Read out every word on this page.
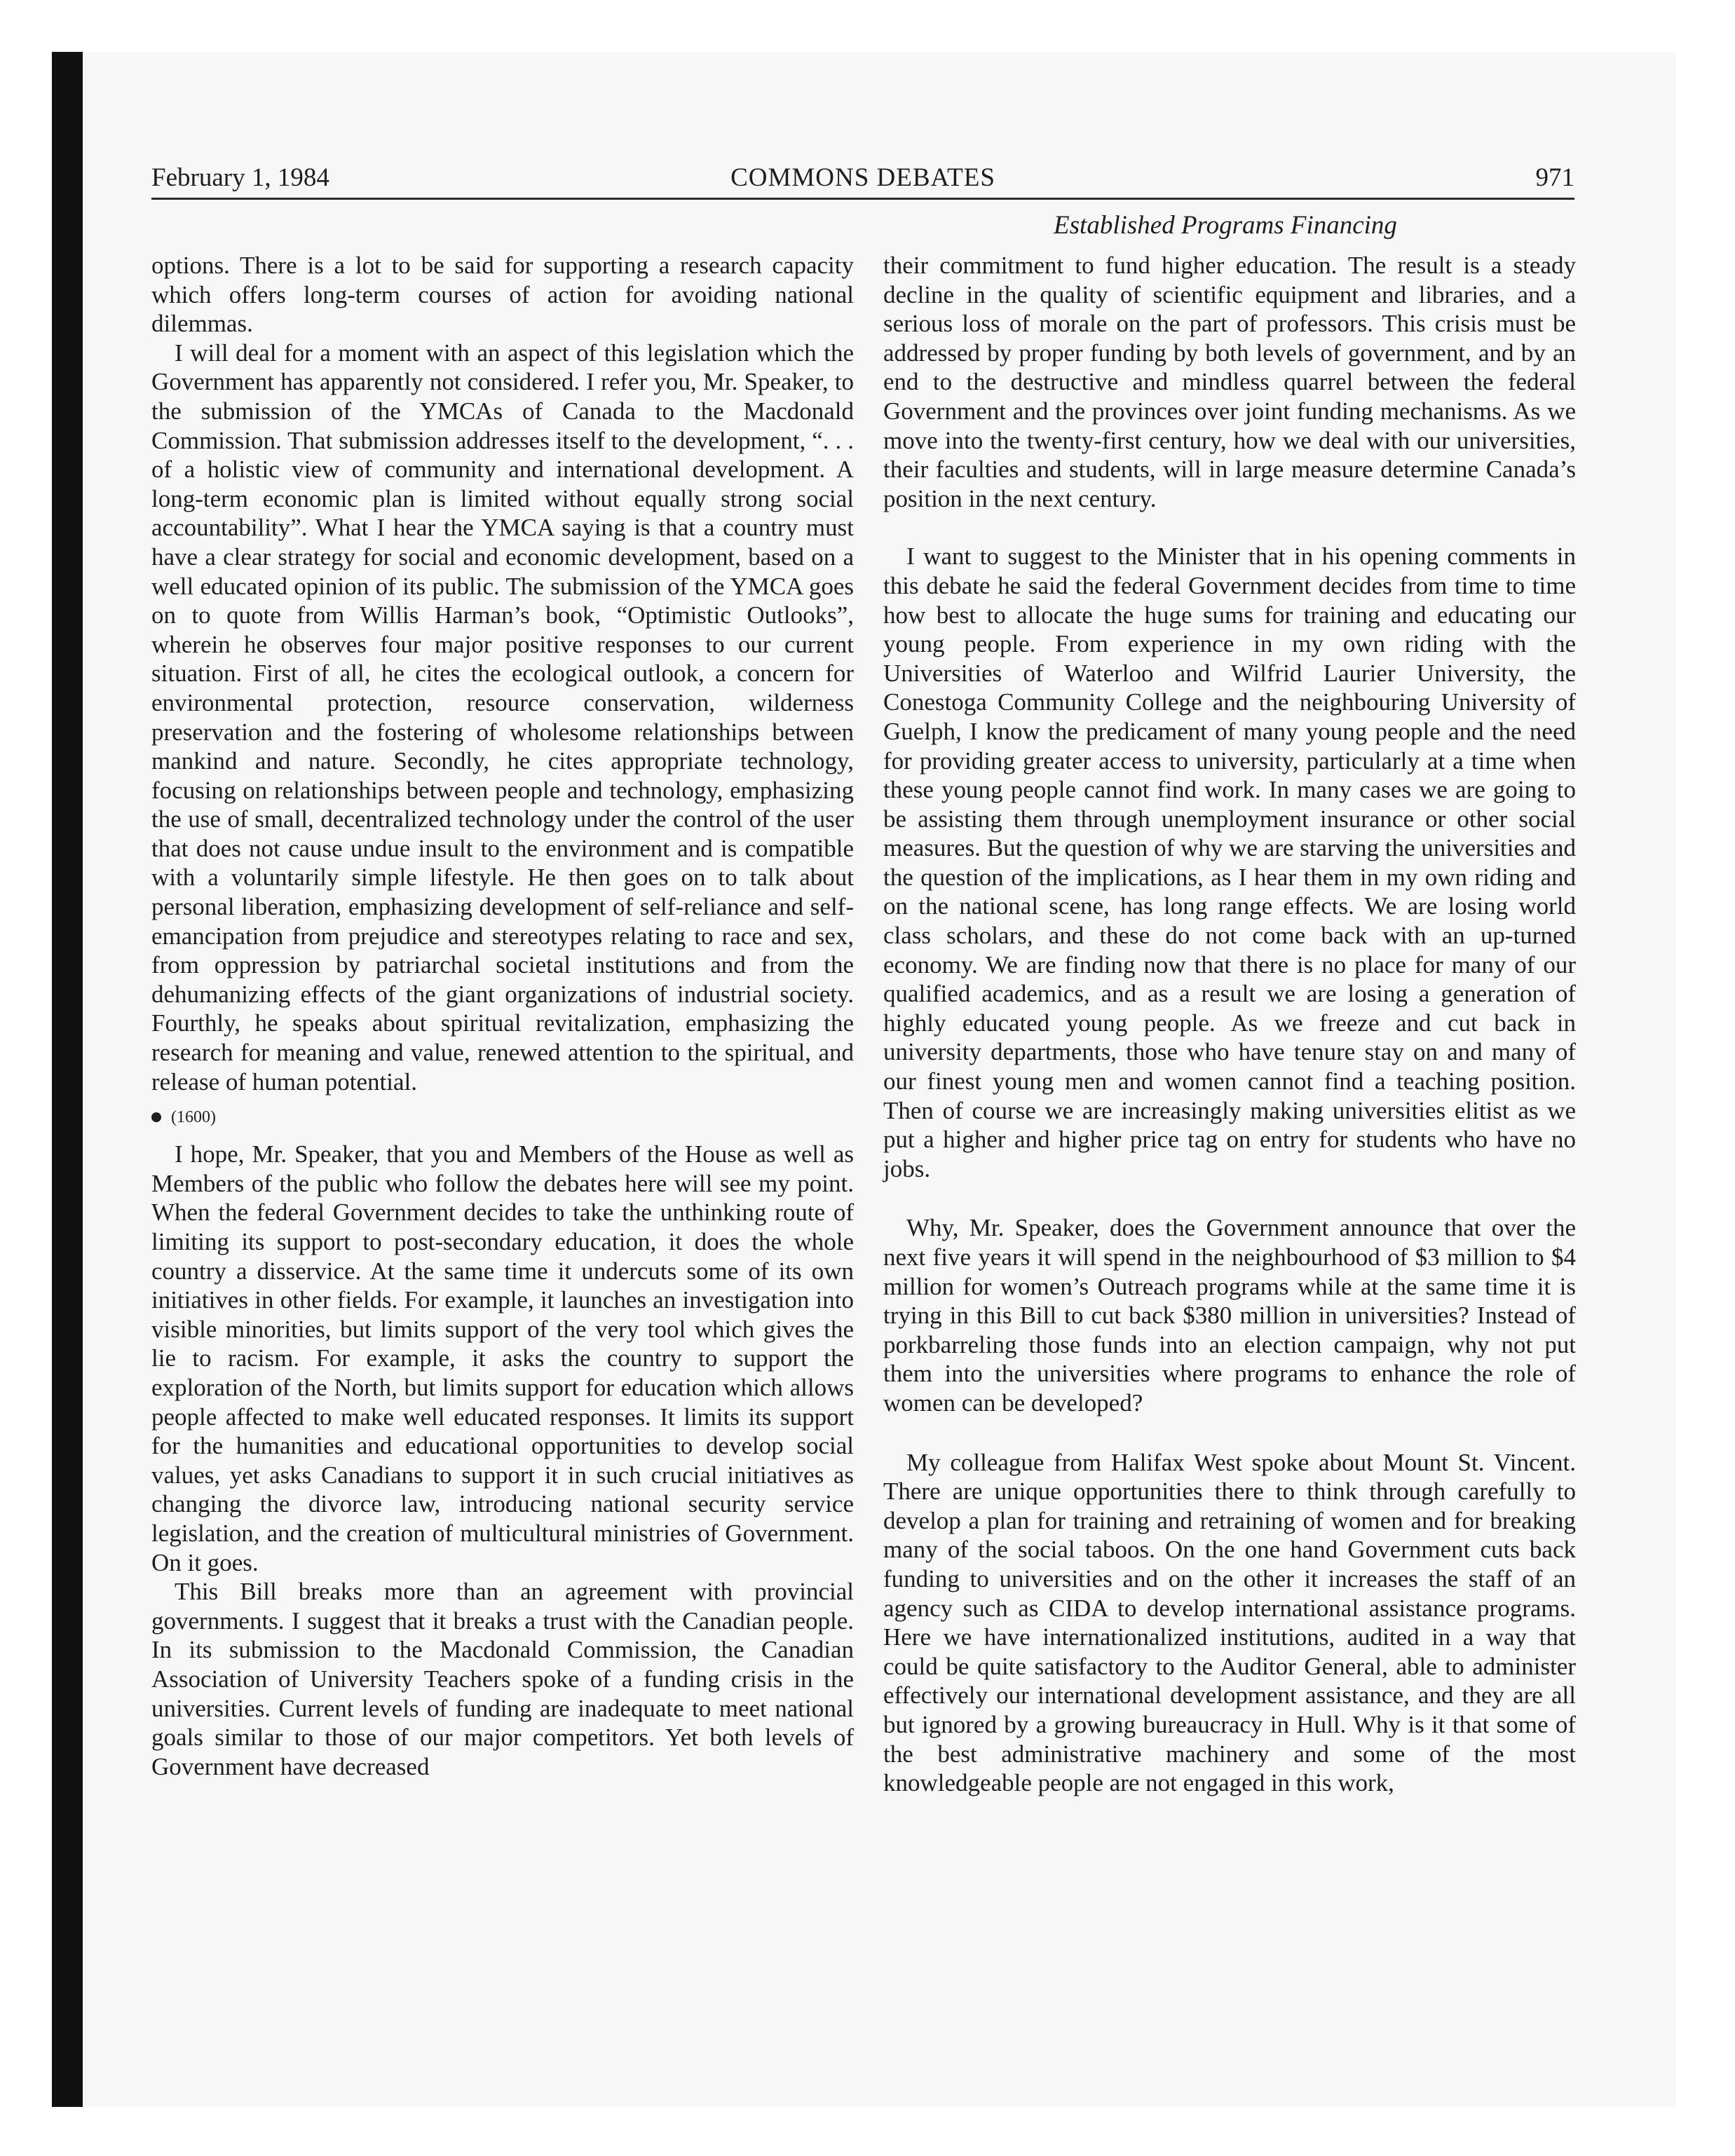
February 1, 1984	COMMONS DEBATES	971
Established Programs Financing

options. There is a lot to be said for supporting a research capacity which offers long-term courses of action for avoiding national dilemmas.

I will deal for a moment with an aspect of this legislation which the Government has apparently not considered. I refer you, Mr. Speaker, to the submission of the YMCAs of Canada to the Macdonald Commission. That submission addresses itself to the development, “. . . of a holistic view of community and international development. A long-term economic plan is limited without equally strong social accountability”. What I hear the YMCA saying is that a country must have a clear strategy for social and economic development, based on a well educated opinion of its public. The submission of the YMCA goes on to quote from Willis Harman’s book, “Optimistic Outlooks”, wherein he observes four major positive responses to our current situation. First of all, he cites the ecological outlook, a concern for environmental protection, resource conservation, wilderness preservation and the fostering of wholesome relationships between mankind and nature. Secondly, he cites appropriate technology, focusing on relationships between people and technology, emphasizing the use of small, decentralized technology under the control of the user that does not cause undue insult to the environment and is compatible with a voluntarily simple lifestyle. He then goes on to talk about personal liberation, emphasizing development of self-reliance and self-emancipation from prejudice and stereotypes relating to race and sex, from oppression by patriarchal societal institutions and from the dehumanizing effects of the giant organizations of industrial society. Fourthly, he speaks about spiritual revitalization, emphasizing the research for meaning and value, renewed attention to the spiritual, and release of human potential.

(1600)

I hope, Mr. Speaker, that you and Members of the House as well as Members of the public who follow the debates here will see my point. When the federal Government decides to take the unthinking route of limiting its support to post-secondary education, it does the whole country a disservice. At the same time it undercuts some of its own initiatives in other fields. For example, it launches an investigation into visible minorities, but limits support of the very tool which gives the lie to racism. For example, it asks the country to support the exploration of the North, but limits support for education which allows people affected to make well educated responses. It limits its support for the humanities and educational opportunities to develop social values, yet asks Canadians to support it in such crucial initiatives as changing the divorce law, introducing national security service legislation, and the creation of multicultural ministries of Government. On it goes.

This Bill breaks more than an agreement with provincial governments. I suggest that it breaks a trust with the Canadian people. In its submission to the Macdonald Commission, the Canadian Association of University Teachers spoke of a funding crisis in the universities. Current levels of funding are inadequate to meet national goals similar to those of our major competitors. Yet both levels of Government have decreased

their commitment to fund higher education. The result is a steady decline in the quality of scientific equipment and libraries, and a serious loss of morale on the part of professors. This crisis must be addressed by proper funding by both levels of government, and by an end to the destructive and mindless quarrel between the federal Government and the provinces over joint funding mechanisms. As we move into the twenty-first century, how we deal with our universities, their faculties and students, will in large measure determine Canada’s position in the next century.

I want to suggest to the Minister that in his opening comments in this debate he said the federal Government decides from time to time how best to allocate the huge sums for training and educating our young people. From experience in my own riding with the Universities of Waterloo and Wilfrid Laurier University, the Conestoga Community College and the neighbouring University of Guelph, I know the predicament of many young people and the need for providing greater access to university, particularly at a time when these young people cannot find work. In many cases we are going to be assisting them through unemployment insurance or other social measures. But the question of why we are starving the universities and the question of the implications, as I hear them in my own riding and on the national scene, has long range effects. We are losing world class scholars, and these do not come back with an up-turned economy. We are finding now that there is no place for many of our qualified academics, and as a result we are losing a generation of highly educated young people. As we freeze and cut back in university departments, those who have tenure stay on and many of our finest young men and women cannot find a teaching position. Then of course we are increasingly making universities elitist as we put a higher and higher price tag on entry for students who have no jobs.

Why, Mr. Speaker, does the Government announce that over the next five years it will spend in the neighbourhood of $3 million to $4 million for women’s Outreach programs while at the same time it is trying in this Bill to cut back $380 million in universities? Instead of porkbarreling those funds into an election campaign, why not put them into the universities where programs to enhance the role of women can be developed?

My colleague from Halifax West spoke about Mount St. Vincent. There are unique opportunities there to think through carefully to develop a plan for training and retraining of women and for breaking many of the social taboos. On the one hand Government cuts back funding to universities and on the other it increases the staff of an agency such as CIDA to develop international assistance programs. Here we have internationalized institutions, audited in a way that could be quite satisfactory to the Auditor General, able to administer effectively our international development assistance, and they are all but ignored by a growing bureaucracy in Hull. Why is it that some of the best administrative machinery and some of the most knowledgeable people are not engaged in this work,
